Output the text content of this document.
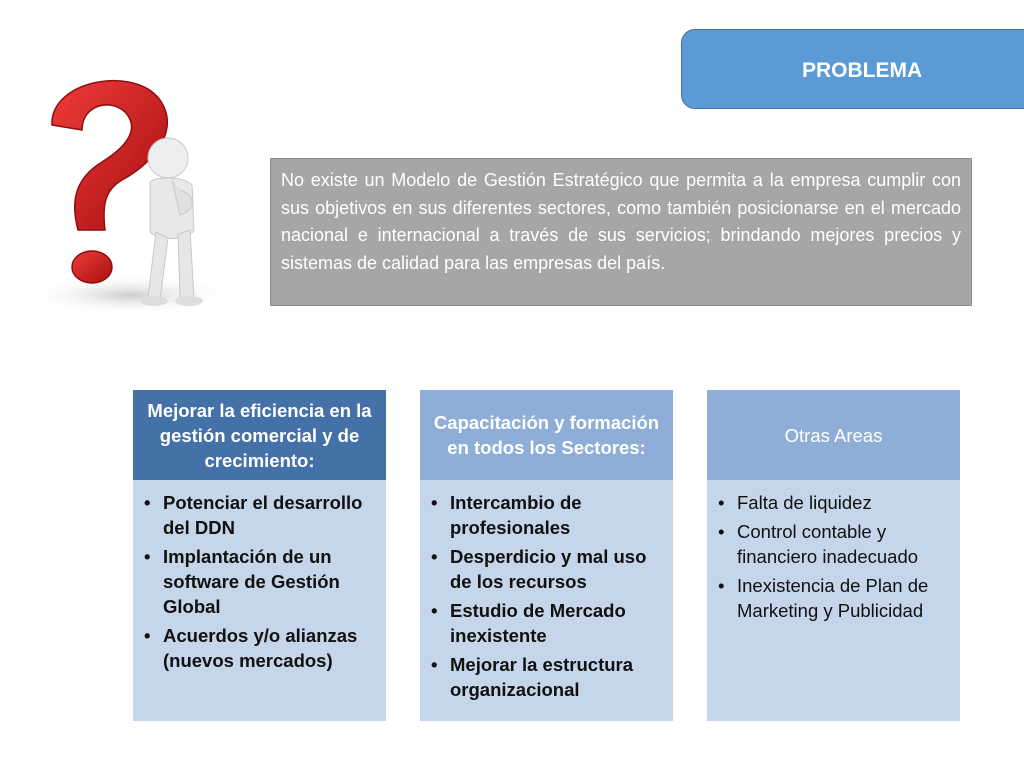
PROBLEMA
No existe un Modelo de Gestión Estratégico que permita a la empresa cumplir con sus objetivos en sus diferentes sectores, como también posicionarse en el mercado nacional e internacional a través de sus servicios; brindando mejores precios y sistemas de calidad para las empresas del país.
Mejorar la eficiencia en la gestión comercial y de crecimiento:
• Potenciar el desarrollo del DDN
• Implantación de un software de Gestión Global
• Acuerdos y/o alianzas (nuevos mercados)
Capacitación y formación en todos los Sectores:
• Intercambio de profesionales
• Desperdicio y mal uso de los recursos
• Estudio de Mercado inexistente
• Mejorar la estructura organizacional
Otras Areas
• Falta de liquidez
• Control contable y financiero inadecuado
• Inexistencia de Plan de Marketing y Publicidad
